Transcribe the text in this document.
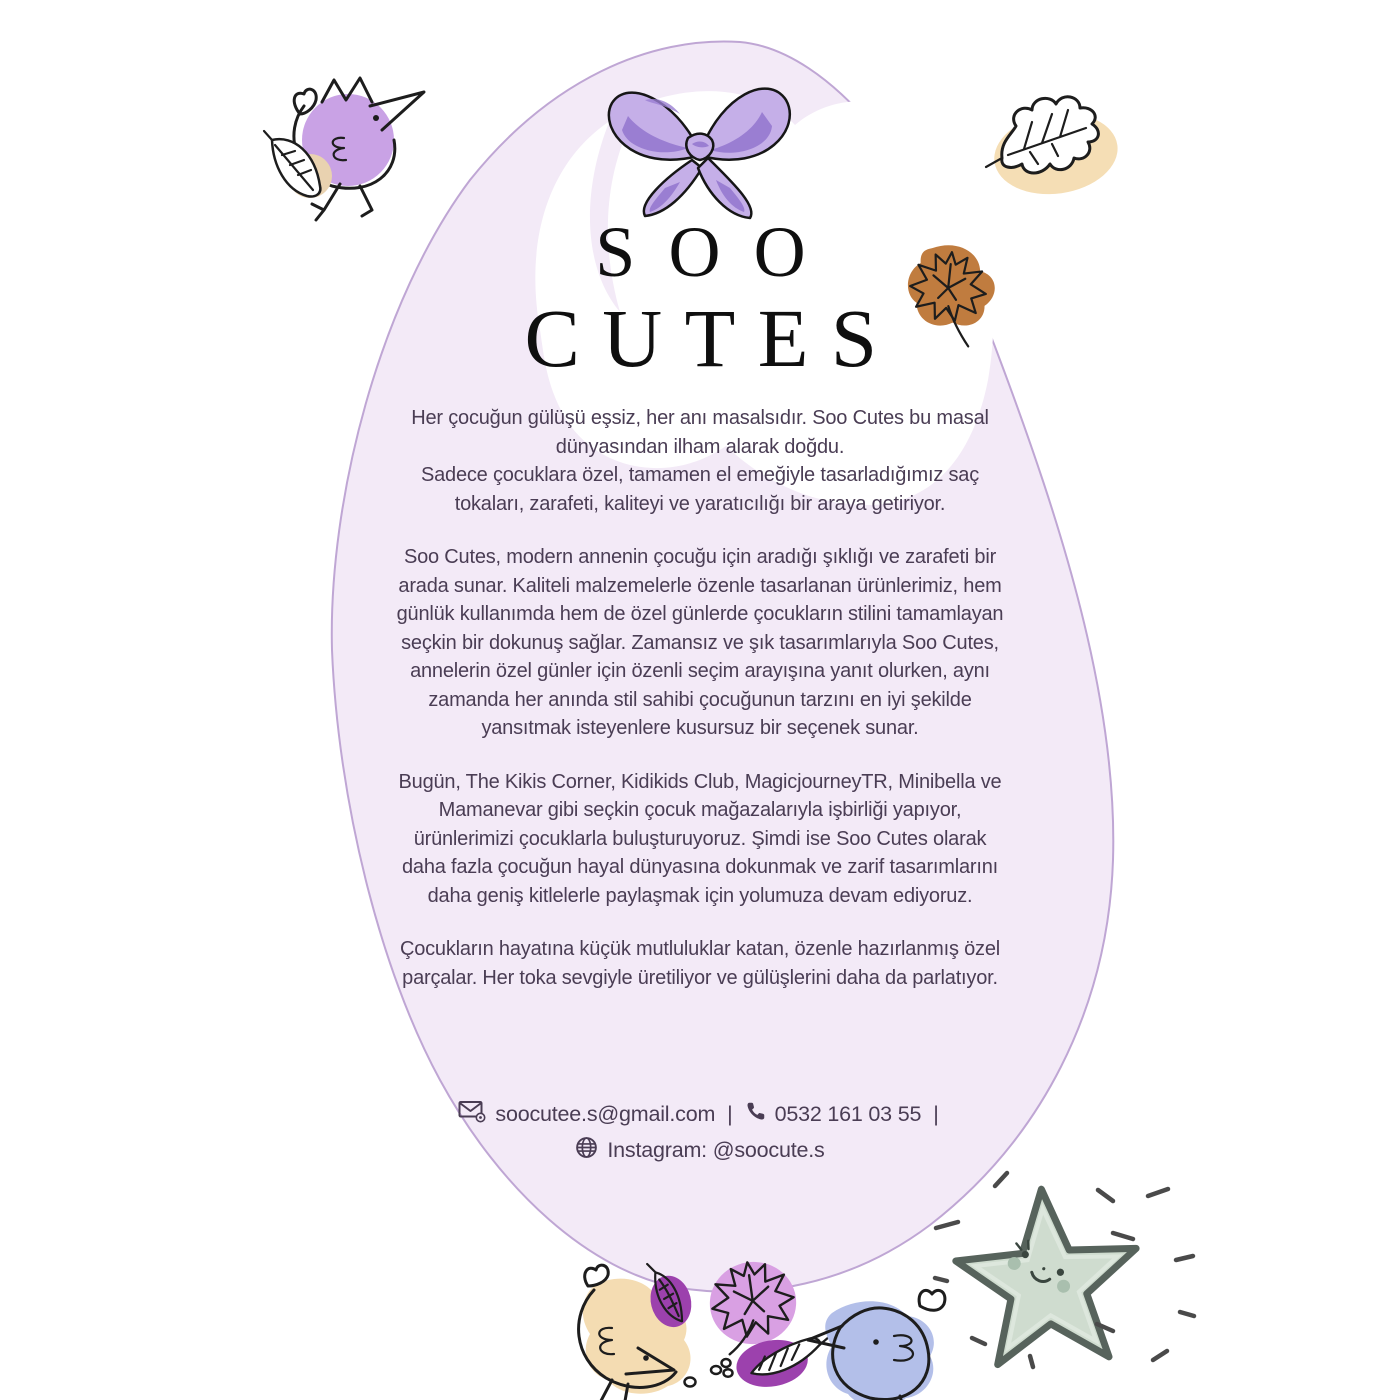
SOO
CUTES

Her çocuğun gülüşü eşsiz, her anı masalsıdır. Soo Cutes bu masal dünyasından ilham alarak doğdu.

Sadece çocuklara özel, tamamen el emeğiyle tasarladığımız saç tokaları, zarafeti, kaliteyi ve yaratıcılığı bir araya getiriyor.

Soo Cutes, modern annenin çocuğu için aradığı şıklığı ve zarafeti bir arada sunar. Kaliteli malzemelerle özenle tasarlanan ürünlerimiz, hem günlük kullanımda hem de özel günlerde çocukların stilini tamamlayan seçkin bir dokunuş sağlar. Zamansız ve şık tasarımlarıyla Soo Cutes, annelerin özel günler için özenli seçim arayışına yanıt olurken, aynı zamanda her anında stil sahibi çocuğunun tarzını en iyi şekilde yansıtmak isteyenlere kusursuz bir seçenek sunar.

Bugün, The Kikis Corner, Kidikids Club, MagicjourneyTR, Minibella ve Mamanevar gibi seçkin çocuk mağazalarıyla işbirliği yapıyor, ürünlerimizi çocuklarla buluşturuyoruz. Şimdi ise Soo Cutes olarak daha fazla çocuğun hayal dünyasına dokunmak ve zarif tasarımlarını daha geniş kitlelerle paylaşmak için yolumuza devam ediyoruz.

Çocukların hayatına küçük mutluluklar katan, özenle hazırlanmış özel parçalar. Her toka sevgiyle üretiliyor ve gülüşlerini daha da parlatıyor.

soocutee.s@gmail.com | 0532 161 03 55 |
Instagram: @soocute.s
